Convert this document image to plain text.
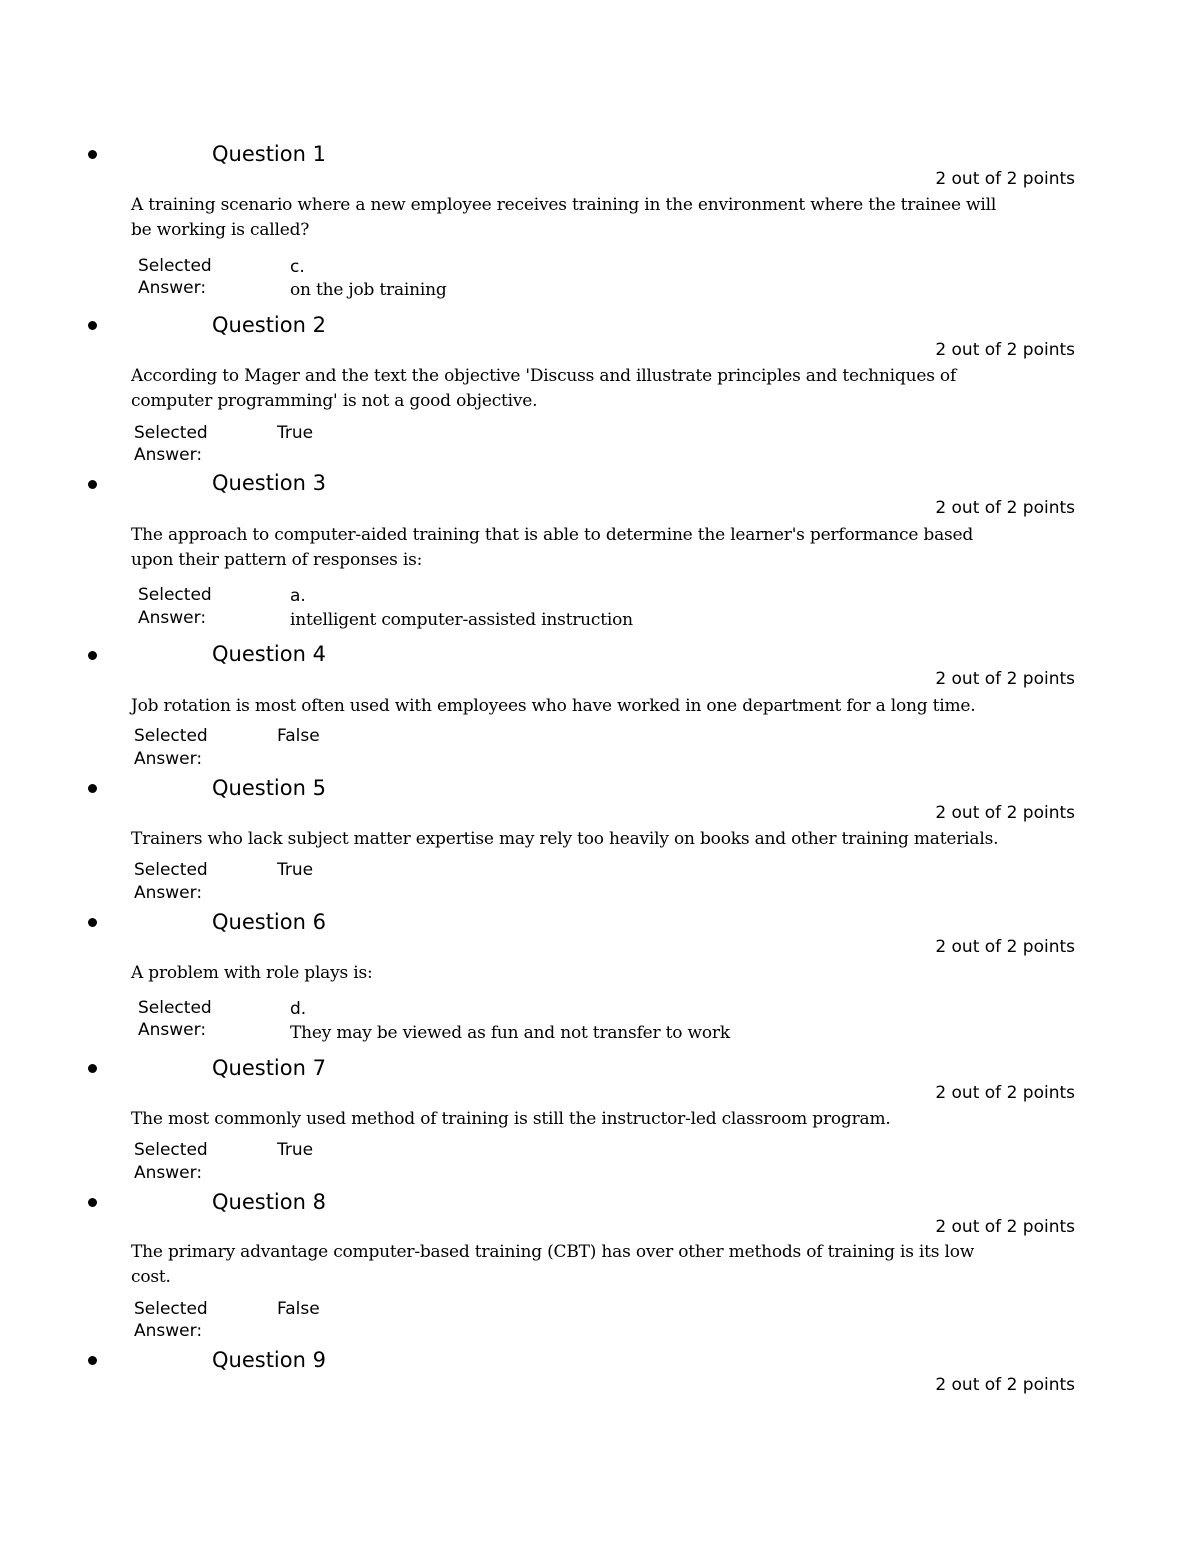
Question 1
2 out of 2 points
A training scenario where a new employee receives training in the environment where the trainee will be working is called?
Selected
Answer:
c.
on the job training
Question 2
2 out of 2 points
According to Mager and the text the objective 'Discuss and illustrate principles and techniques of computer programming' is not a good objective.
Selected
Answer:
True
Question 3
2 out of 2 points
The approach to computer-aided training that is able to determine the learner's performance based upon their pattern of responses is:
Selected
Answer:
a.
intelligent computer-assisted instruction
Question 4
2 out of 2 points
Job rotation is most often used with employees who have worked in one department for a long time.
Selected
Answer:
False
Question 5
2 out of 2 points
Trainers who lack subject matter expertise may rely too heavily on books and other training materials.
Selected
Answer:
True
Question 6
2 out of 2 points
A problem with role plays is:
Selected
Answer:
d.
They may be viewed as fun and not transfer to work
Question 7
2 out of 2 points
The most commonly used method of training is still the instructor-led classroom program.
Selected
Answer:
True
Question 8
2 out of 2 points
The primary advantage computer-based training (CBT) has over other methods of training is its low cost.
Selected
Answer:
False
Question 9
2 out of 2 points
